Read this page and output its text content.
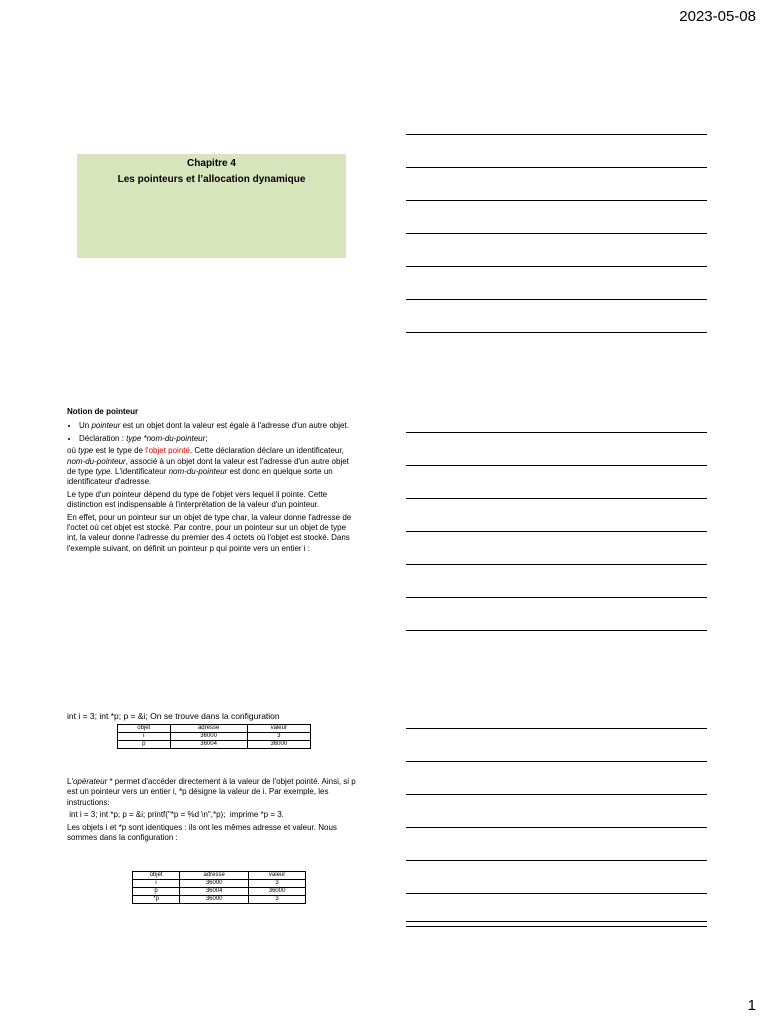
2023-05-08
Chapitre 4
Les pointeurs et l’allocation dynamique

Notion de pointeur

• Un pointeur est un objet dont la valeur est égale à l'adresse d'un autre objet.
• Déclaration : type *nom-du-pointeur;

où type est le type de l'objet pointé. Cette déclaration déclare un identificateur, nom-du-pointeur, associé à un objet dont la valeur est l'adresse d'un autre objet de type type. L'identificateur nom-du-pointeur est donc en quelque sorte un identificateur d'adresse.

Le type d'un pointeur dépend du type de l'objet vers lequel il pointe. Cette distinction est indispensable à l'interprétation de la valeur d'un pointeur.

En effet, pour un pointeur sur un objet de type char, la valeur donne l'adresse de l'octet où cet objet est stocké. Par contre, pour un pointeur sur un objet de type int, la valeur donne l'adresse du premier des 4 octets où l'objet est stocké. Dans l'exemple suivant, on définit un pointeur p qui pointe vers un entier i :

int i = 3; int *p; p = &i; On se trouve dans la configuration
objet	adresse	valeur
i	36000	3
p	36004	36000

L'opérateur * permet d'accéder directement à la valeur de l'objet pointé. Ainsi, si p est un pointeur vers un entier i, *p désigne la valeur de i. Par exemple, les instructions:

int i = 3; int *p; p = &i; printf("*p = %d \n",*p);  imprime *p = 3.

Les objets i et *p sont identiques : ils ont les mêmes adresse et valeur. Nous sommes dans la configuration :

objet	adresse	valeur
i	36000	3
p	36004	36000
*p	36000	3
1
